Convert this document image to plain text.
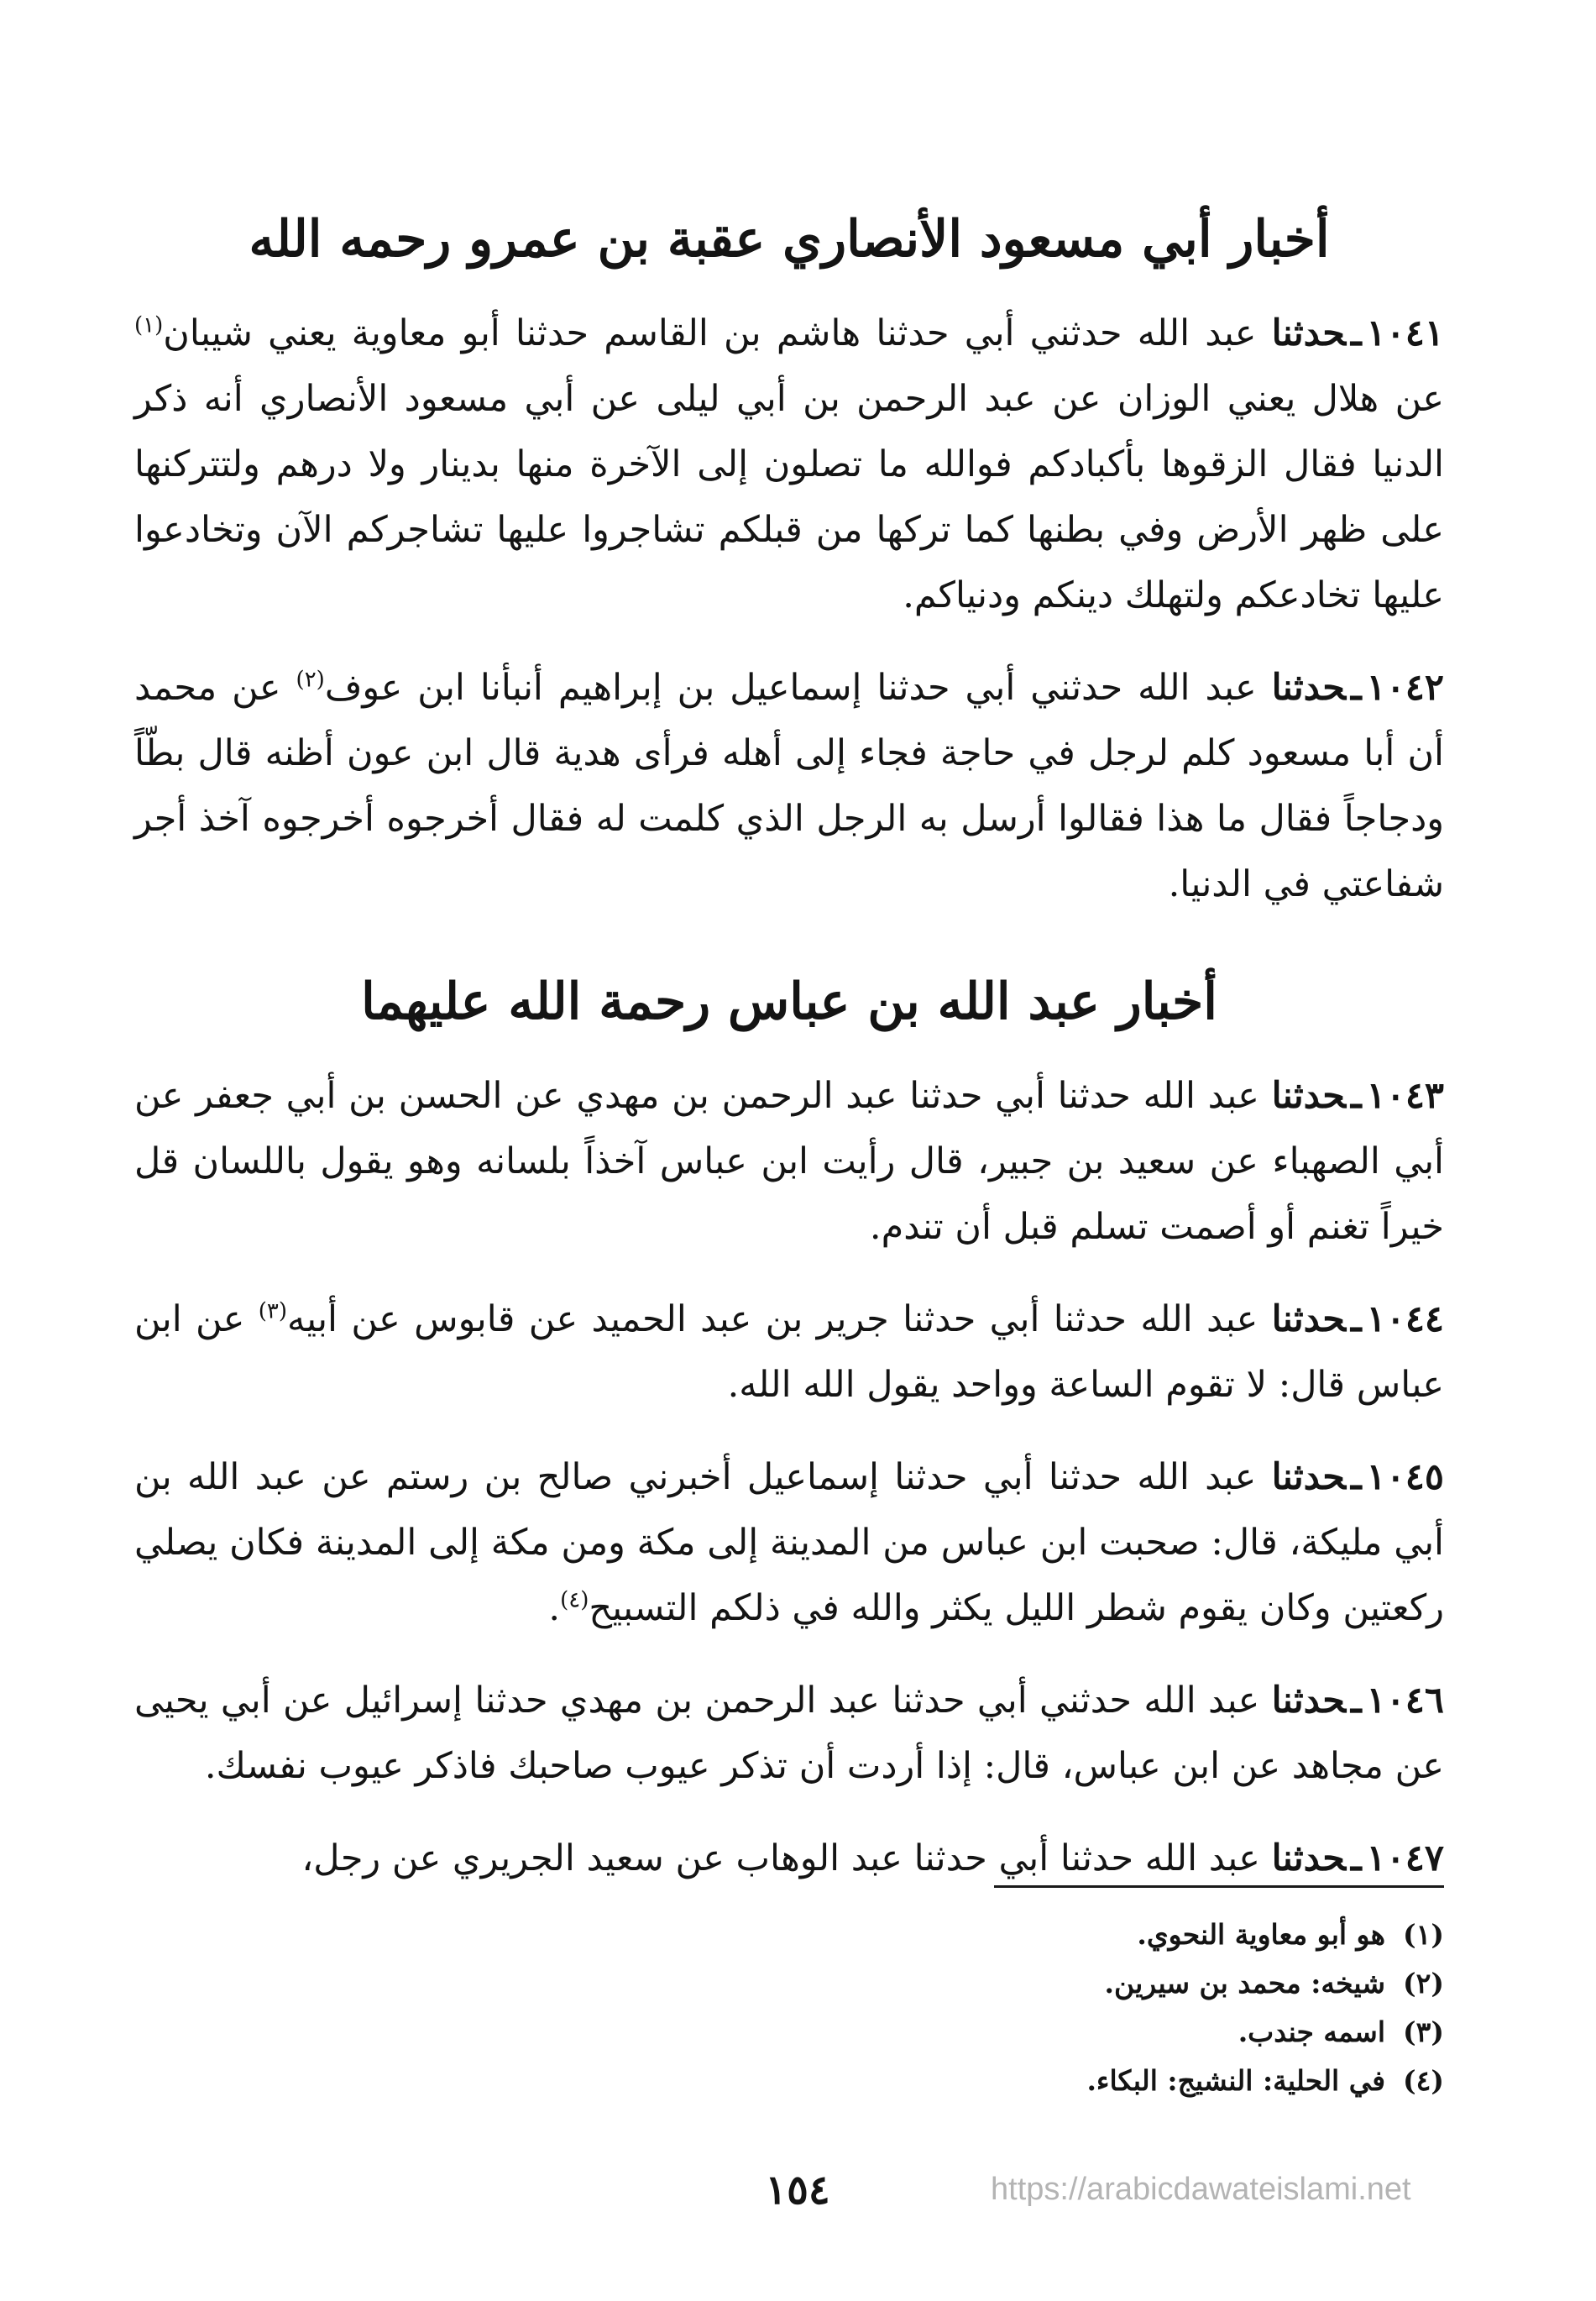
أخبار أبي مسعود الأنصاري عقبة بن عمرو رحمه الله

١٠٤١ـحدثنا عبد الله حدثني أبي حدثنا هاشم بن القاسم حدثنا أبو معاوية يعني شيبان$^{(١)}$ عن هلال يعني الوزان عن عبد الرحمن بن أبي ليلى عن أبي مسعود الأنصاري أنه ذكر الدنيا فقال الزقوها بأكبادكم فوالله ما تصلون إلى الآخرة منها بدينار ولا درهم ولتتركنها على ظهر الأرض وفي بطنها كما تركها من قبلكم تشاجروا عليها تشاجركم الآن وتخادعوا عليها تخادعكم ولتهلك دينكم ودنياكم.

١٠٤٢ـحدثنا عبد الله حدثني أبي حدثنا إسماعيل بن إبراهيم أنبأنا ابن عوف$^{(٢)}$ عن محمد أن أبا مسعود كلم لرجل في حاجة فجاء إلى أهله فرأى هدية قال ابن عون أظنه قال بطّاً ودجاجاً فقال ما هذا فقالوا أرسل به الرجل الذي كلمت له فقال أخرجوه أخرجوه آخذ أجر شفاعتي في الدنيا.

أخبار عبد الله بن عباس رحمة الله عليهما

١٠٤٣ـحدثنا عبد الله حدثنا أبي حدثنا عبد الرحمن بن مهدي عن الحسن بن أبي جعفر عن أبي الصهباء عن سعيد بن جبير، قال رأيت ابن عباس آخذاً بلسانه وهو يقول باللسان قل خيراً تغنم أو أصمت تسلم قبل أن تندم.

١٠٤٤ـحدثنا عبد الله حدثنا أبي حدثنا جرير بن عبد الحميد عن قابوس عن أبيه$^{(٣)}$ عن ابن عباس قال: لا تقوم الساعة وواحد يقول الله الله.

١٠٤٥ـحدثنا عبد الله حدثنا أبي حدثنا إسماعيل أخبرني صالح بن رستم عن عبد الله بن أبي مليكة، قال: صحبت ابن عباس من المدينة إلى مكة ومن مكة إلى المدينة فكان يصلي ركعتين وكان يقوم شطر الليل يكثر والله في ذلكم التسبيح$^{(٤)}$.

١٠٤٦ـحدثنا عبد الله حدثني أبي حدثنا عبد الرحمن بن مهدي حدثنا إسرائيل عن أبي يحيى عن مجاهد عن ابن عباس، قال: إذا أردت أن تذكر عيوب صاحبك فاذكر عيوب نفسك.

١٠٤٧ـحدثنا عبد الله حدثنا أبي حدثنا عبد الوهاب عن سعيد الجريري عن رجل،

(١)
هو أبو معاوية النحوي.
(٢)
شيخه: محمد بن سيرين.
(٣)
اسمه جندب.
(٤)
في الحلية: النشيج: البكاء.
١٥٤	https://arabicdawateislami.net
